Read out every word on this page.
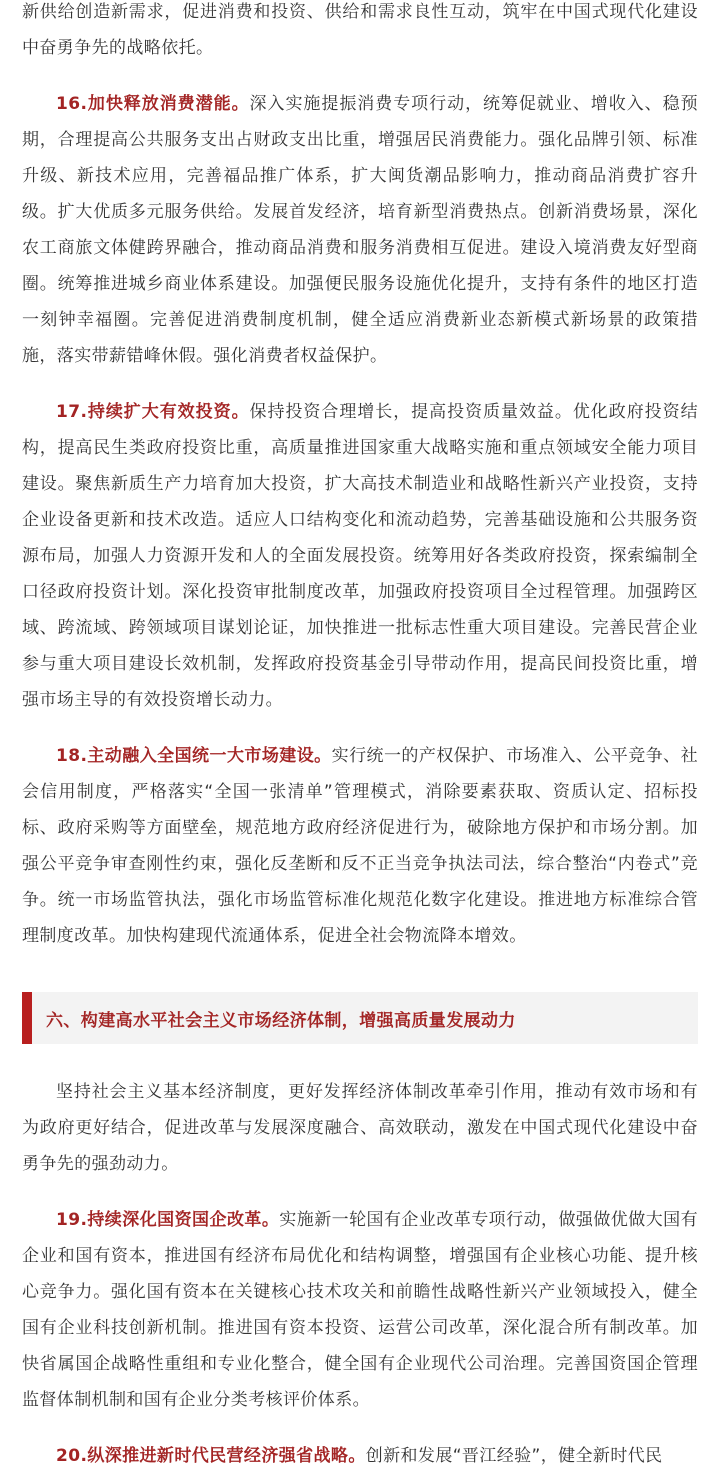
新供给创造新需求，促进消费和投资、供给和需求良性互动，筑牢在中国式现代化建设中奋勇争先的战略依托。

16.加快释放消费潜能。深入实施提振消费专项行动，统筹促就业、增收入、稳预期，合理提高公共服务支出占财政支出比重，增强居民消费能力。强化品牌引领、标准升级、新技术应用，完善福品推广体系，扩大闽货潮品影响力，推动商品消费扩容升级。扩大优质多元服务供给。发展首发经济，培育新型消费热点。创新消费场景，深化农工商旅文体健跨界融合，推动商品消费和服务消费相互促进。建设入境消费友好型商圈。统筹推进城乡商业体系建设。加强便民服务设施优化提升，支持有条件的地区打造一刻钟幸福圈。完善促进消费制度机制，健全适应消费新业态新模式新场景的政策措施，落实带薪错峰休假。强化消费者权益保护。

17.持续扩大有效投资。保持投资合理增长，提高投资质量效益。优化政府投资结构，提高民生类政府投资比重，高质量推进国家重大战略实施和重点领域安全能力项目建设。聚焦新质生产力培育加大投资，扩大高技术制造业和战略性新兴产业投资，支持企业设备更新和技术改造。适应人口结构变化和流动趋势，完善基础设施和公共服务资源布局，加强人力资源开发和人的全面发展投资。统筹用好各类政府投资，探索编制全口径政府投资计划。深化投资审批制度改革，加强政府投资项目全过程管理。加强跨区域、跨流域、跨领域项目谋划论证，加快推进一批标志性重大项目建设。完善民营企业参与重大项目建设长效机制，发挥政府投资基金引导带动作用，提高民间投资比重，增强市场主导的有效投资增长动力。

18.主动融入全国统一大市场建设。实行统一的产权保护、市场准入、公平竞争、社会信用制度，严格落实“全国一张清单”管理模式，消除要素获取、资质认定、招标投标、政府采购等方面壁垒，规范地方政府经济促进行为，破除地方保护和市场分割。加强公平竞争审查刚性约束，强化反垄断和反不正当竞争执法司法，综合整治“内卷式”竞争。统一市场监管执法，强化市场监管标准化规范化数字化建设。推进地方标准综合管理制度改革。加快构建现代流通体系，促进全社会物流降本增效。

六、构建高水平社会主义市场经济体制，增强高质量发展动力

坚持社会主义基本经济制度，更好发挥经济体制改革牵引作用，推动有效市场和有为政府更好结合，促进改革与发展深度融合、高效联动，激发在中国式现代化建设中奋勇争先的强劲动力。

19.持续深化国资国企改革。实施新一轮国有企业改革专项行动，做强做优做大国有企业和国有资本，推进国有经济布局优化和结构调整，增强国有企业核心功能、提升核心竞争力。强化国有资本在关键核心技术攻关和前瞻性战略性新兴产业领域投入，健全国有企业科技创新机制。推进国有资本投资、运营公司改革，深化混合所有制改革。加快省属国企战略性重组和专业化整合，健全国有企业现代公司治理。完善国资国企管理监督体制机制和国有企业分类考核评价体系。

20.纵深推进新时代民营经济强省战略。创新和发展“晋江经验”，健全新时代民
